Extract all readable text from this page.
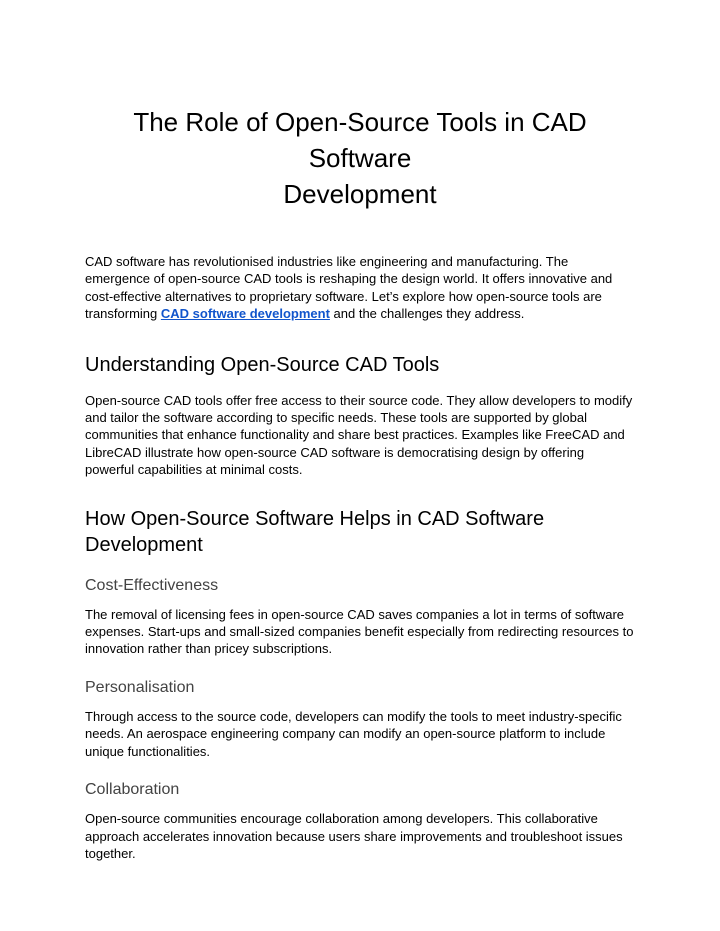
The Role of Open-Source Tools in CAD Software
Development

CAD software has revolutionised industries like engineering and manufacturing. The emergence of open-source CAD tools is reshaping the design world. It offers innovative and cost-effective alternatives to proprietary software. Let’s explore how open-source tools are transforming CAD software development and the challenges they address.

Understanding Open-Source CAD Tools

Open-source CAD tools offer free access to their source code. They allow developers to modify and tailor the software according to specific needs. These tools are supported by global communities that enhance functionality and share best practices. Examples like FreeCAD and LibreCAD illustrate how open-source CAD software is democratising design by offering powerful capabilities at minimal costs.

How Open-Source Software Helps in CAD Software Development
Cost-Effectiveness

The removal of licensing fees in open-source CAD saves companies a lot in terms of software expenses. Start-ups and small-sized companies benefit especially from redirecting resources to innovation rather than pricey subscriptions.

Personalisation

Through access to the source code, developers can modify the tools to meet industry-specific needs. An aerospace engineering company can modify an open-source platform to include unique functionalities.

Collaboration

Open-source communities encourage collaboration among developers. This collaborative approach accelerates innovation because users share improvements and troubleshoot issues together.
